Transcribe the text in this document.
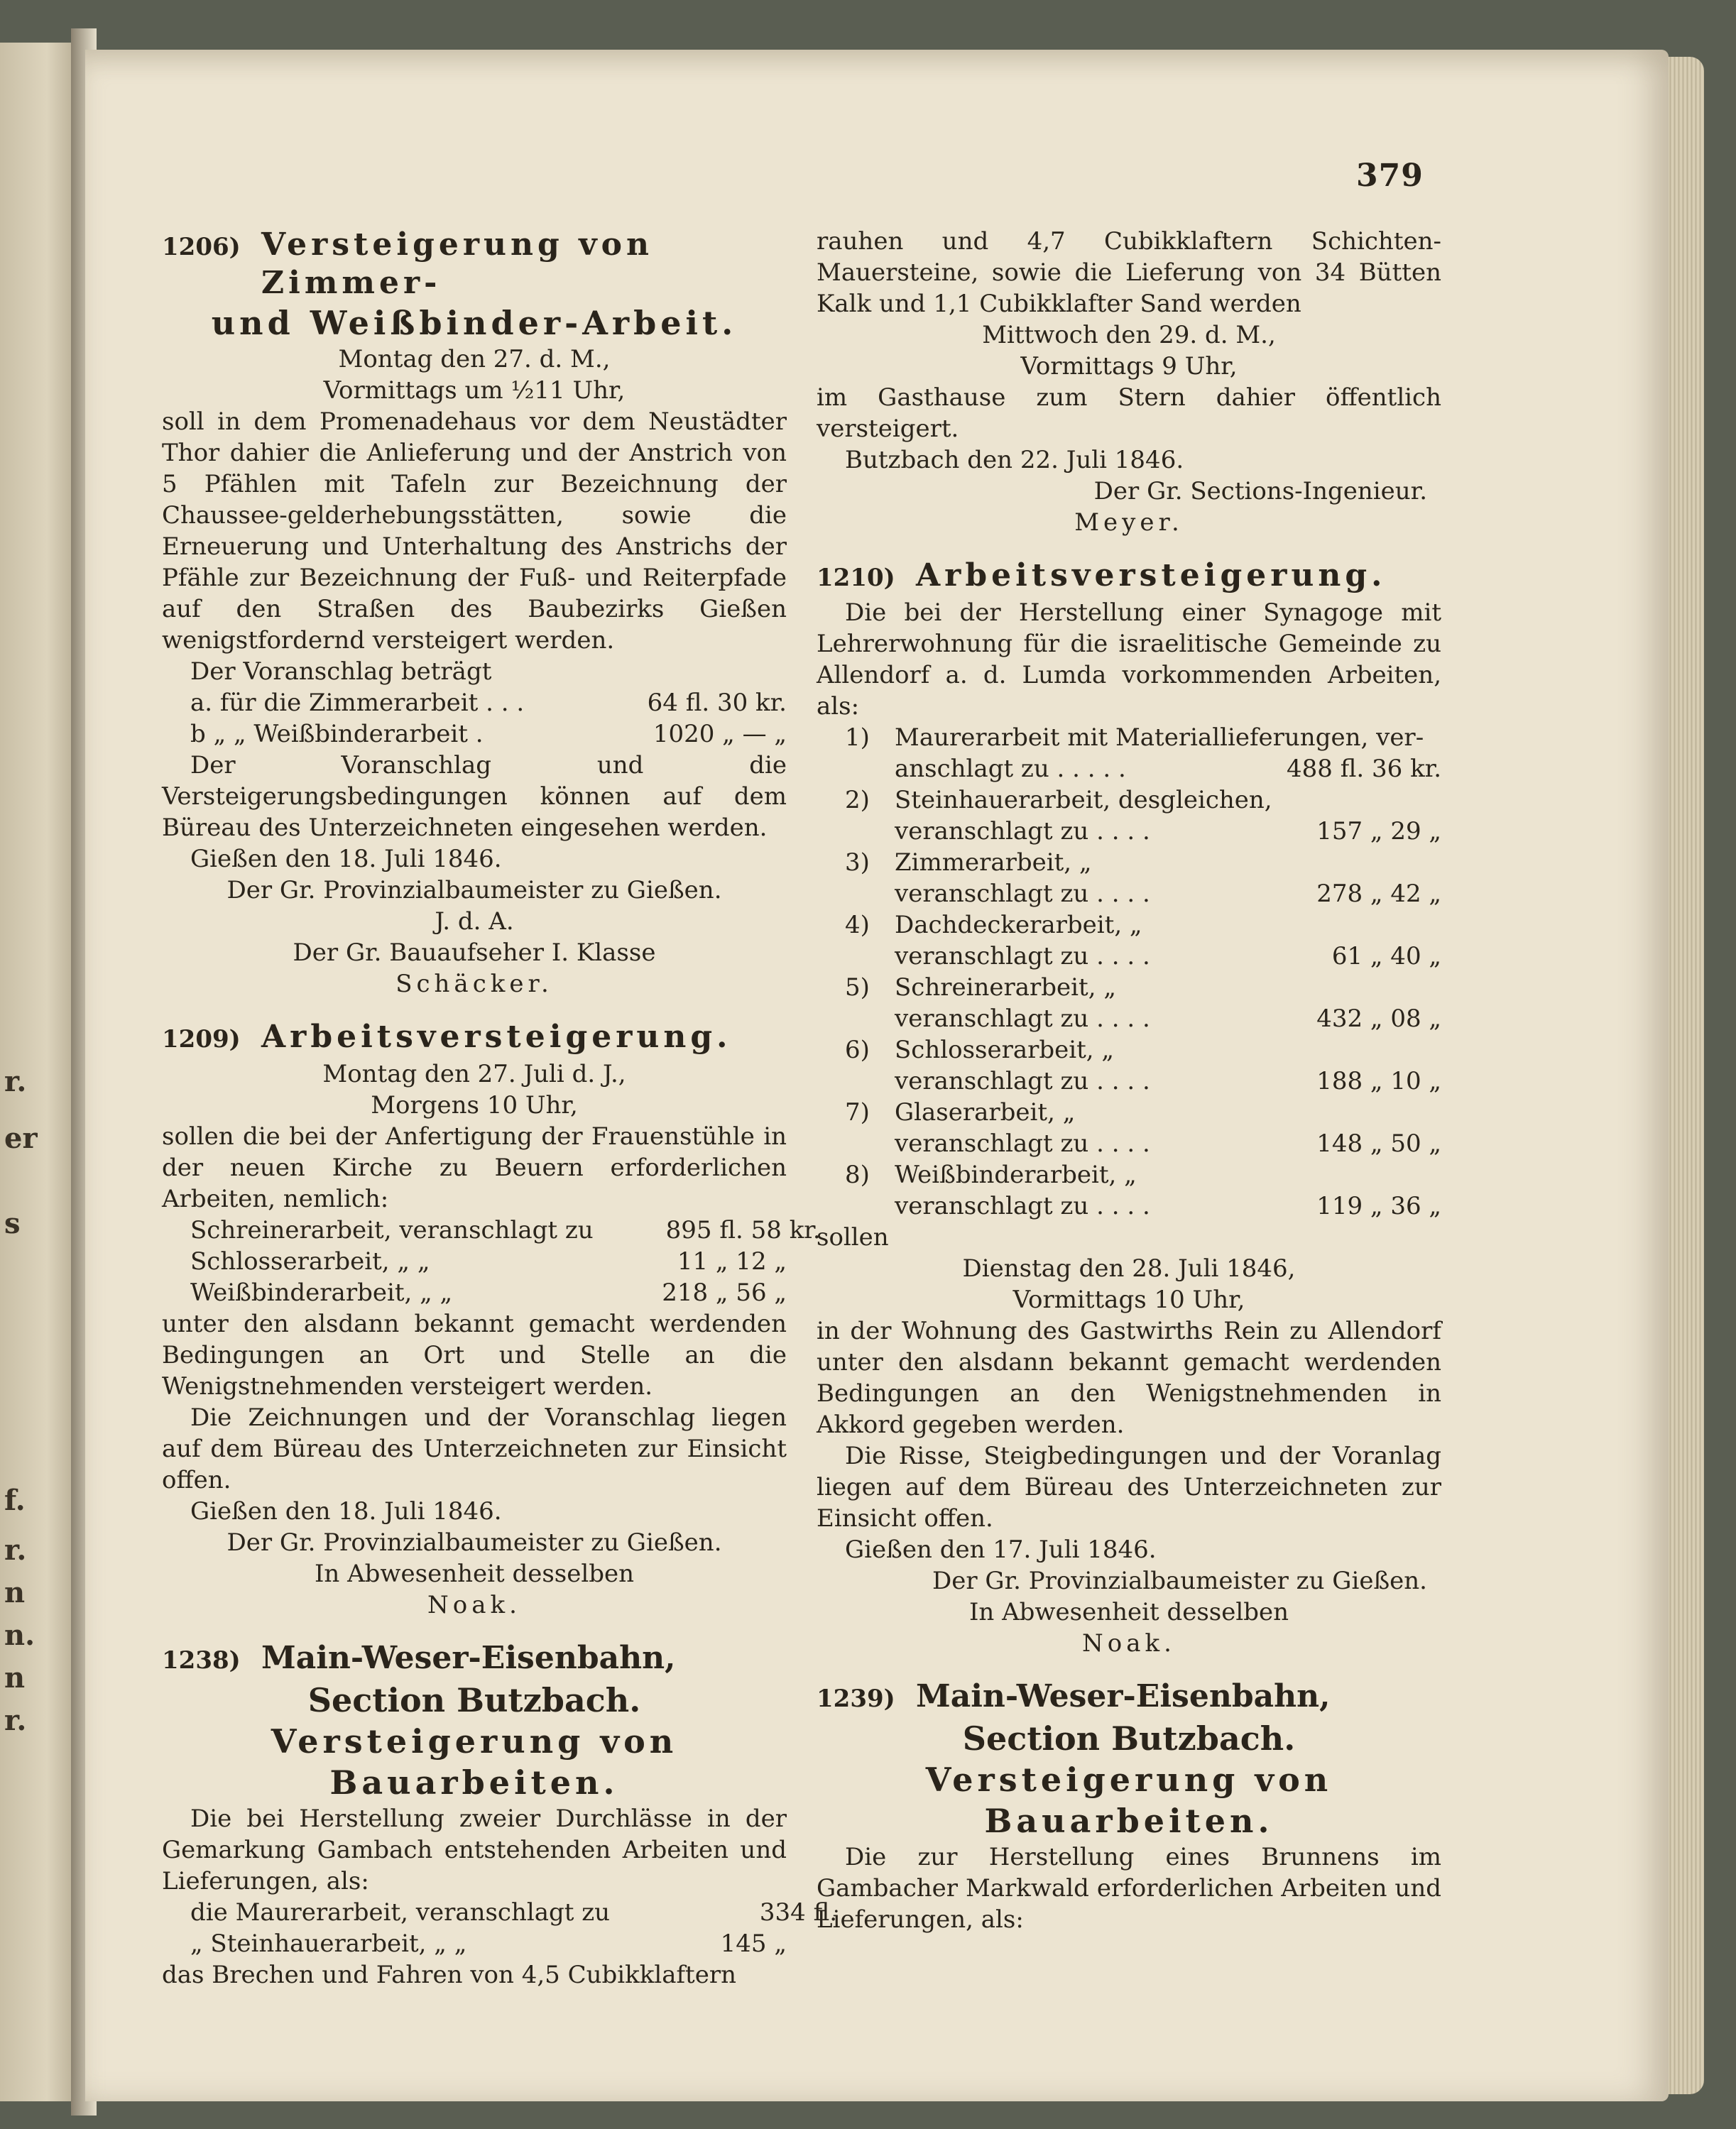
r.
er
s
f.
r.
n
n.
n
r.
379
1206) Versteigerung von Zimmer-
und Weißbinder-Arbeit.
Montag den 27. d. M.,
Vormittags um ½11 Uhr,
soll in dem Promenadehaus vor dem Neustädter Thor dahier die Anlieferung und der Anstrich von 5 Pfählen mit Tafeln zur Bezeichnung der Chaussee-gelderhebungsstätten, sowie die Erneuerung und Unterhaltung des Anstrichs der Pfähle zur Bezeichnung der Fuß- und Reiterpfade auf den Straßen des Baubezirks Gießen wenigstfordernd versteigert werden.
Der Voranschlag beträgt
a. für die Zimmerarbeit . . .	64 fl. 30 kr.
b „ „ Weißbinderarbeit .	1020 „ — „
Der Voranschlag und die Versteigerungsbedingungen können auf dem Büreau des Unterzeichneten eingesehen werden.
Gießen den 18. Juli 1846.
Der Gr. Provinzialbaumeister zu Gießen.
J. d. A.
Der Gr. Bauaufseher I. Klasse
Schäcker.
1209) Arbeitsversteigerung.
Montag den 27. Juli d. J.,
Morgens 10 Uhr,
sollen die bei der Anfertigung der Frauenstühle in der neuen Kirche zu Beuern erforderlichen Arbeiten, nemlich:
Schreinerarbeit, veranschlagt zu	895 fl. 58 kr.
Schlosserarbeit, „ „	11 „ 12 „
Weißbinderarbeit, „ „	218 „ 56 „
unter den alsdann bekannt gemacht werdenden Bedingungen an Ort und Stelle an die Wenigstnehmenden versteigert werden.
Die Zeichnungen und der Voranschlag liegen auf dem Büreau des Unterzeichneten zur Einsicht offen.
Gießen den 18. Juli 1846.
Der Gr. Provinzialbaumeister zu Gießen.
In Abwesenheit desselben
Noak.
1238) Main-Weser-Eisenbahn,
Section Butzbach.
Versteigerung von Bauarbeiten.
Die bei Herstellung zweier Durchlässe in der Gemarkung Gambach entstehenden Arbeiten und Lieferungen, als:
die Maurerarbeit, veranschlagt zu	334 fl.
„ Steinhauerarbeit, „ „	145 „
das Brechen und Fahren von 4,5 Cubikklaftern
rauhen und 4,7 Cubikklaftern Schichten-Mauersteine, sowie die Lieferung von 34 Bütten Kalk und 1,1 Cubikklafter Sand werden
Mittwoch den 29. d. M.,
Vormittags 9 Uhr,
im Gasthause zum Stern dahier öffentlich versteigert.
Butzbach den 22. Juli 1846.
Der Gr. Sections-Ingenieur.
Meyer.
1210) Arbeitsversteigerung.
Die bei der Herstellung einer Synagoge mit Lehrerwohnung für die israelitische Gemeinde zu Allendorf a. d. Lumda vorkommenden Arbeiten, als:
1) Maurerarbeit mit Materiallieferungen, ver-
anschlagt zu . . . . .	488 fl. 36 kr.
2) Steinhauerarbeit, desgleichen,
veranschlagt zu . . . .	157 „ 29 „
3) Zimmerarbeit, „
veranschlagt zu . . . .	278 „ 42 „
4) Dachdeckerarbeit, „
veranschlagt zu . . . .	61 „ 40 „
5) Schreinerarbeit, „
veranschlagt zu . . . .	432 „ 08 „
6) Schlosserarbeit, „
veranschlagt zu . . . .	188 „ 10 „
7) Glaserarbeit, „
veranschlagt zu . . . .	148 „ 50 „
8) Weißbinderarbeit, „
veranschlagt zu . . . .	119 „ 36 „
sollen
Dienstag den 28. Juli 1846,
Vormittags 10 Uhr,
in der Wohnung des Gastwirths Rein zu Allendorf unter den alsdann bekannt gemacht werdenden Bedingungen an den Wenigstnehmenden in Akkord gegeben werden.
Die Risse, Steigbedingungen und der Voranlag liegen auf dem Büreau des Unterzeichneten zur Einsicht offen.
Gießen den 17. Juli 1846.
Der Gr. Provinzialbaumeister zu Gießen.
In Abwesenheit desselben
Noak.
1239) Main-Weser-Eisenbahn,
Section Butzbach.
Versteigerung von Bauarbeiten.
Die zur Herstellung eines Brunnens im Gambacher Markwald erforderlichen Arbeiten und Lieferungen, als:
